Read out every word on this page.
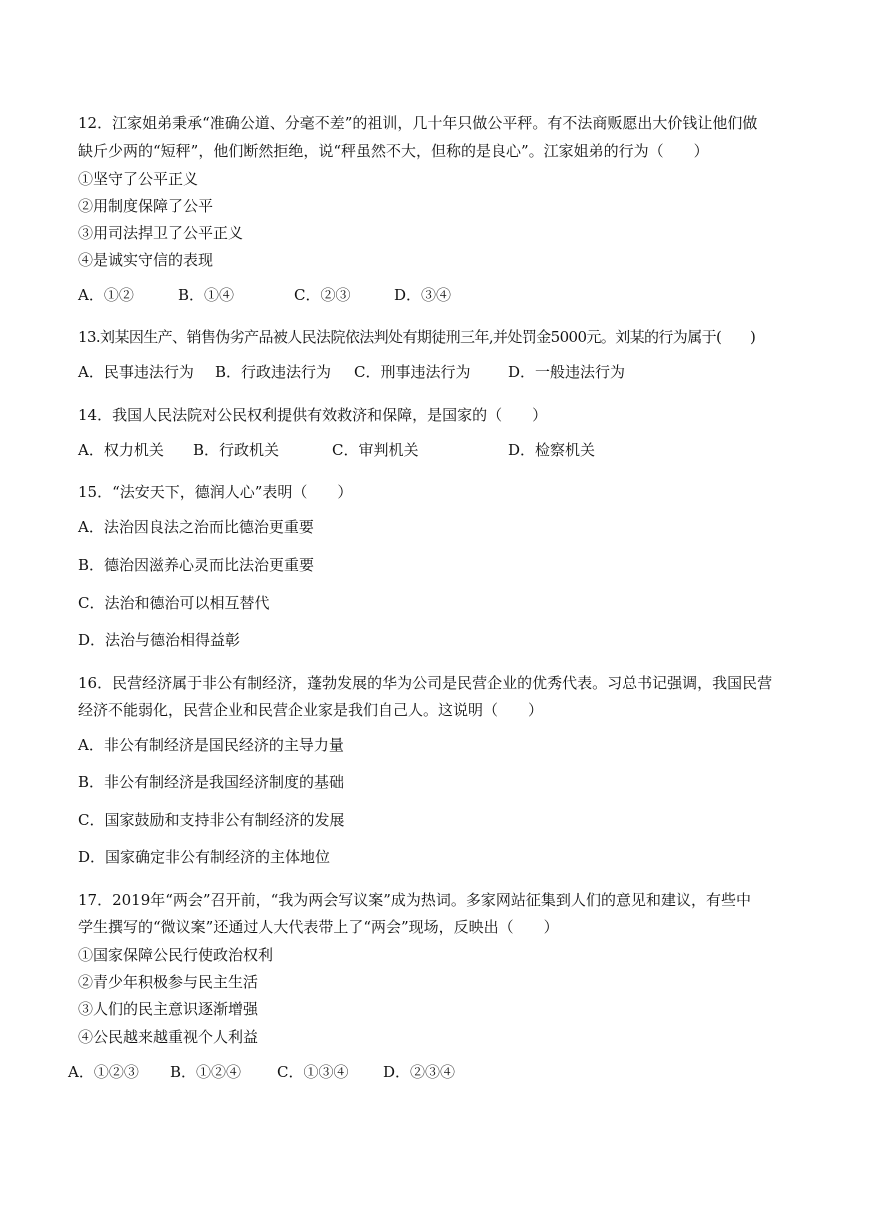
12．江家姐弟秉承“准确公道、分毫不差”的祖训，几十年只做公平秤。有不法商贩愿出大价钱让他们做
缺斤少两的“短秤”，他们断然拒绝，说“秤虽然不大，但称的是良心”。江家姐弟的行为（　　）
①坚守了公平正义
②用制度保障了公平
③用司法捍卫了公平正义
④是诚实守信的表现
A．①②	B．①④	C．②③	D．③④
13.刘某因生产、销售伪劣产品被人民法院依法判处有期徒刑三年,并处罚金5000元。刘某的行为属于(　　)
A．民事违法行为 B．行政违法行为 C．刑事违法行为	D．一般违法行为
14．我国人民法院对公民权利提供有效救济和保障，是国家的（　　）
A．权力机关 B．行政机关	C．审判机关	D．检察机关
15．“法安天下，德润人心”表明（　　）
A．法治因良法之治而比德治更重要
B．德治因滋养心灵而比法治更重要
C．法治和德治可以相互替代
D．法治与德治相得益彰
16．民营经济属于非公有制经济，蓬勃发展的华为公司是民营企业的优秀代表。习总书记强调，我国民营
经济不能弱化，民营企业和民营企业家是我们自己人。这说明（　　）
A．非公有制经济是国民经济的主导力量
B．非公有制经济是我国经济制度的基础
C．国家鼓励和支持非公有制经济的发展
D．国家确定非公有制经济的主体地位
17．2019年“两会”召开前，“我为两会写议案”成为热词。多家网站征集到人们的意见和建议，有些中
学生撰写的“微议案”还通过人大代表带上了“两会”现场，反映出（　　）
①国家保障公民行使政治权利
②青少年积极参与民主生活
③人们的民主意识逐渐增强
④公民越来越重视个人利益
A．①②③ B．①②④ C．①③④ D．②③④
